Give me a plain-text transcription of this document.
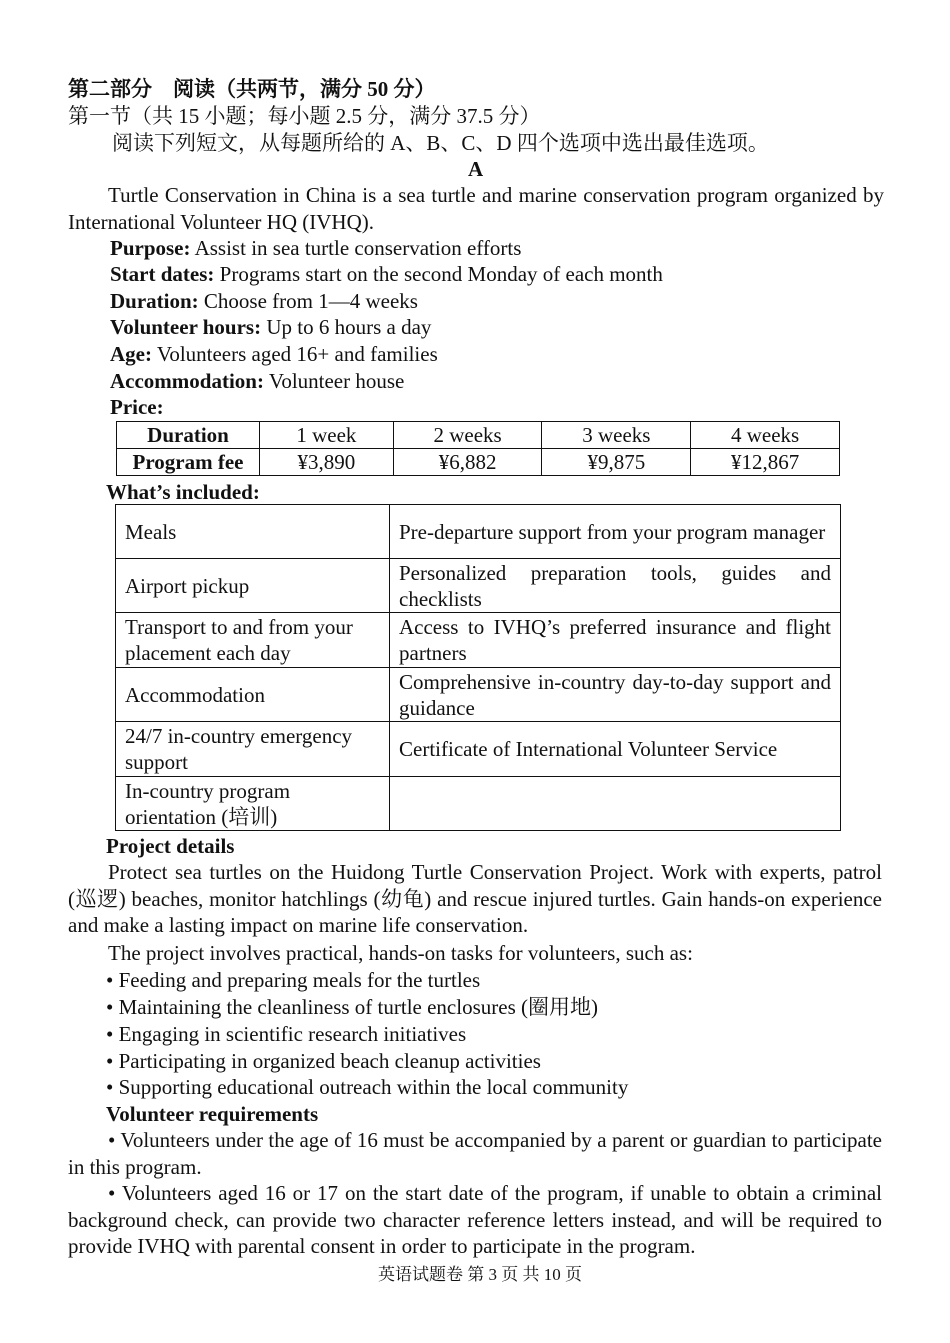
第二部分　阅读（共两节，满分 50 分）
第一节（共 15 小题；每小题 2.5 分，满分 37.5 分）
阅读下列短文，从每题所给的 A、B、C、D 四个选项中选出最佳选项。
A
Turtle Conservation in China is a sea turtle and marine conservation program organized by International Volunteer HQ (IVHQ).
Purpose: Assist in sea turtle conservation efforts
Start dates: Programs start on the second Monday of each month
Duration: Choose from 1—4 weeks
Volunteer hours: Up to 6 hours a day
Age: Volunteers aged 16+ and families
Accommodation: Volunteer house
Price:
Duration	1 week	2 weeks	3 weeks	4 weeks
Program fee	¥3,890	¥6,882	¥9,875	¥12,867
What’s included:
Meals	Pre-departure support from your program manager
Airport pickup	Personalized preparation tools, guides and checklists
Transport to and from your placement each day	Access to IVHQ’s preferred insurance and flight partners
Accommodation	Comprehensive in-country day-to-day support and guidance
24/7 in-country emergency support	Certificate of International Volunteer Service
In-country program orientation (培训)	
Project details
Protect sea turtles on the Huidong Turtle Conservation Project. Work with experts, patrol (巡逻) beaches, monitor hatchlings (幼龟) and rescue injured turtles. Gain hands-on experience and make a lasting impact on marine life conservation.
The project involves practical, hands-on tasks for volunteers, such as:
• Feeding and preparing meals for the turtles
• Maintaining the cleanliness of turtle enclosures (圈用地)
• Engaging in scientific research initiatives
• Participating in organized beach cleanup activities
• Supporting educational outreach within the local community
Volunteer requirements
• Volunteers under the age of 16 must be accompanied by a parent or guardian to participate in this program.
• Volunteers aged 16 or 17 on the start date of the program, if unable to obtain a criminal background check, can provide two character reference letters instead, and will be required to provide IVHQ with parental consent in order to participate in the program.
英语试题卷 第 3 页 共 10 页
